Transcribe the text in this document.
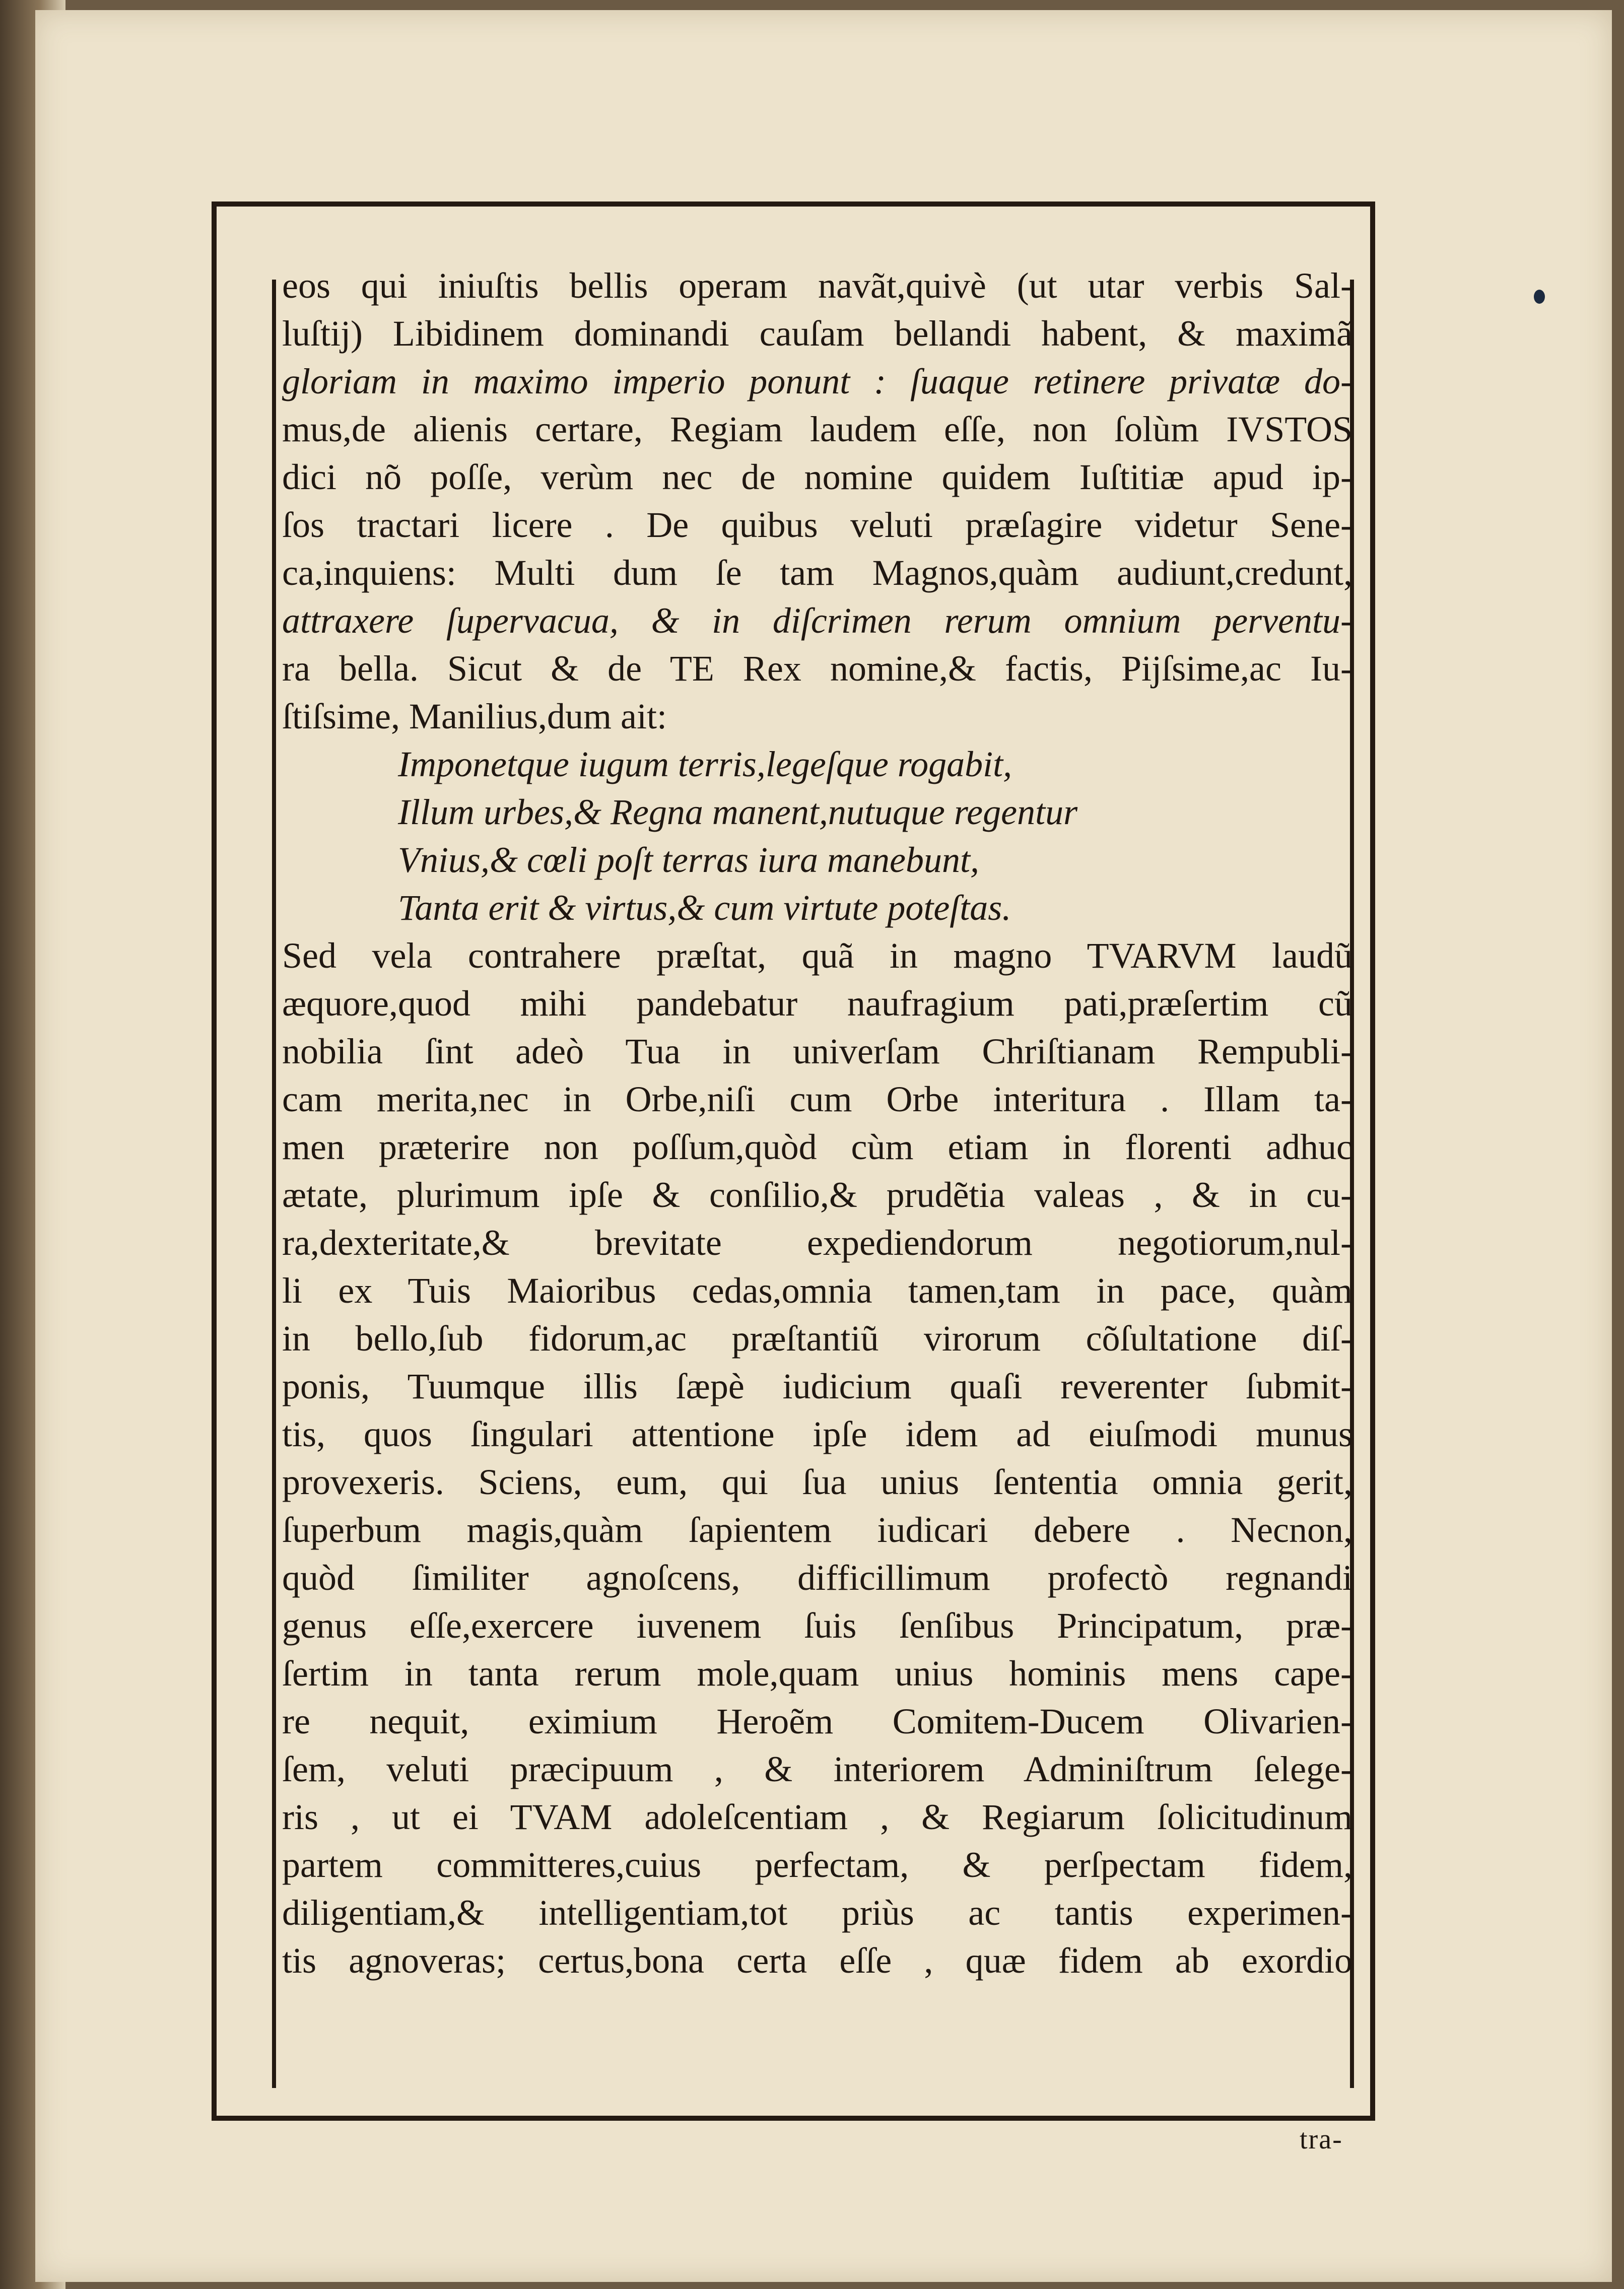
eos qui iniuſtis bellis operam navãt,quivè (ut utar verbis Sal-
luſtij) Libidinem dominandi cauſam bellandi habent, & maximã
gloriam in maximo imperio ponunt : ſuaque retinere privatæ do-
mus,de alienis certare, Regiam laudem eſſe, non ſolùm IVSTOS
dici nõ poſſe, verùm nec de nomine quidem Iuſtitiæ apud ip-
ſos tractari licere . De quibus veluti præſagire videtur Sene-
ca,inquiens: Multi dum ſe tam Magnos,quàm audiunt,credunt,
attraxere ſupervacua, & in diſcrimen rerum omnium perventu-
ra bella. Sicut & de TE Rex nomine,& factis, Pijſsime,ac Iu-
ſtiſsime, Manilius,dum ait:
Imponetque iugum terris,legeſque rogabit,
Illum urbes,& Regna manent,nutuque regentur
Vnius,& cœli poſt terras iura manebunt,
Tanta erit & virtus,& cum virtute poteſtas.
Sed vela contrahere præſtat, quã in magno TVARVM laudũ
æquore,quod mihi pandebatur naufragium pati,præſertim cũ
nobilia ſint adeò Tua in univerſam Chriſtianam Rempubli-
cam merita,nec in Orbe,niſi cum Orbe interitura . Illam ta-
men præterire non poſſum,quòd cùm etiam in florenti adhuc
ætate, plurimum ipſe & conſilio,& prudẽtia valeas , & in cu-
ra,dexteritate,& brevitate expediendorum negotiorum,nul-
li ex Tuis Maioribus cedas,omnia tamen,tam in pace, quàm
in bello,ſub fidorum,ac præſtantiũ virorum cõſultatione diſ-
ponis, Tuumque illis ſæpè iudicium quaſi reverenter ſubmit-
tis, quos ſingulari attentione ipſe idem ad eiuſmodi munus
provexeris. Sciens, eum, qui ſua unius ſententia omnia gerit,
ſuperbum magis,quàm ſapientem iudicari debere . Necnon,
quòd ſimiliter agnoſcens, difficillimum profectò regnandi
genus eſſe,exercere iuvenem ſuis ſenſibus Principatum, præ-
ſertim in tanta rerum mole,quam unius hominis mens cape-
re nequit, eximium Heroẽm Comitem-Ducem Olivarien-
ſem, veluti præcipuum , & interiorem Adminiſtrum ſelege-
ris , ut ei TVAM adoleſcentiam , & Regiarum ſolicitudinum
partem committeres,cuius perfectam, & perſpectam fidem,
diligentiam,& intelligentiam,tot priùs ac tantis experimen-
tis agnoveras; certus,bona certa eſſe , quæ fidem ab exordio
tra-
